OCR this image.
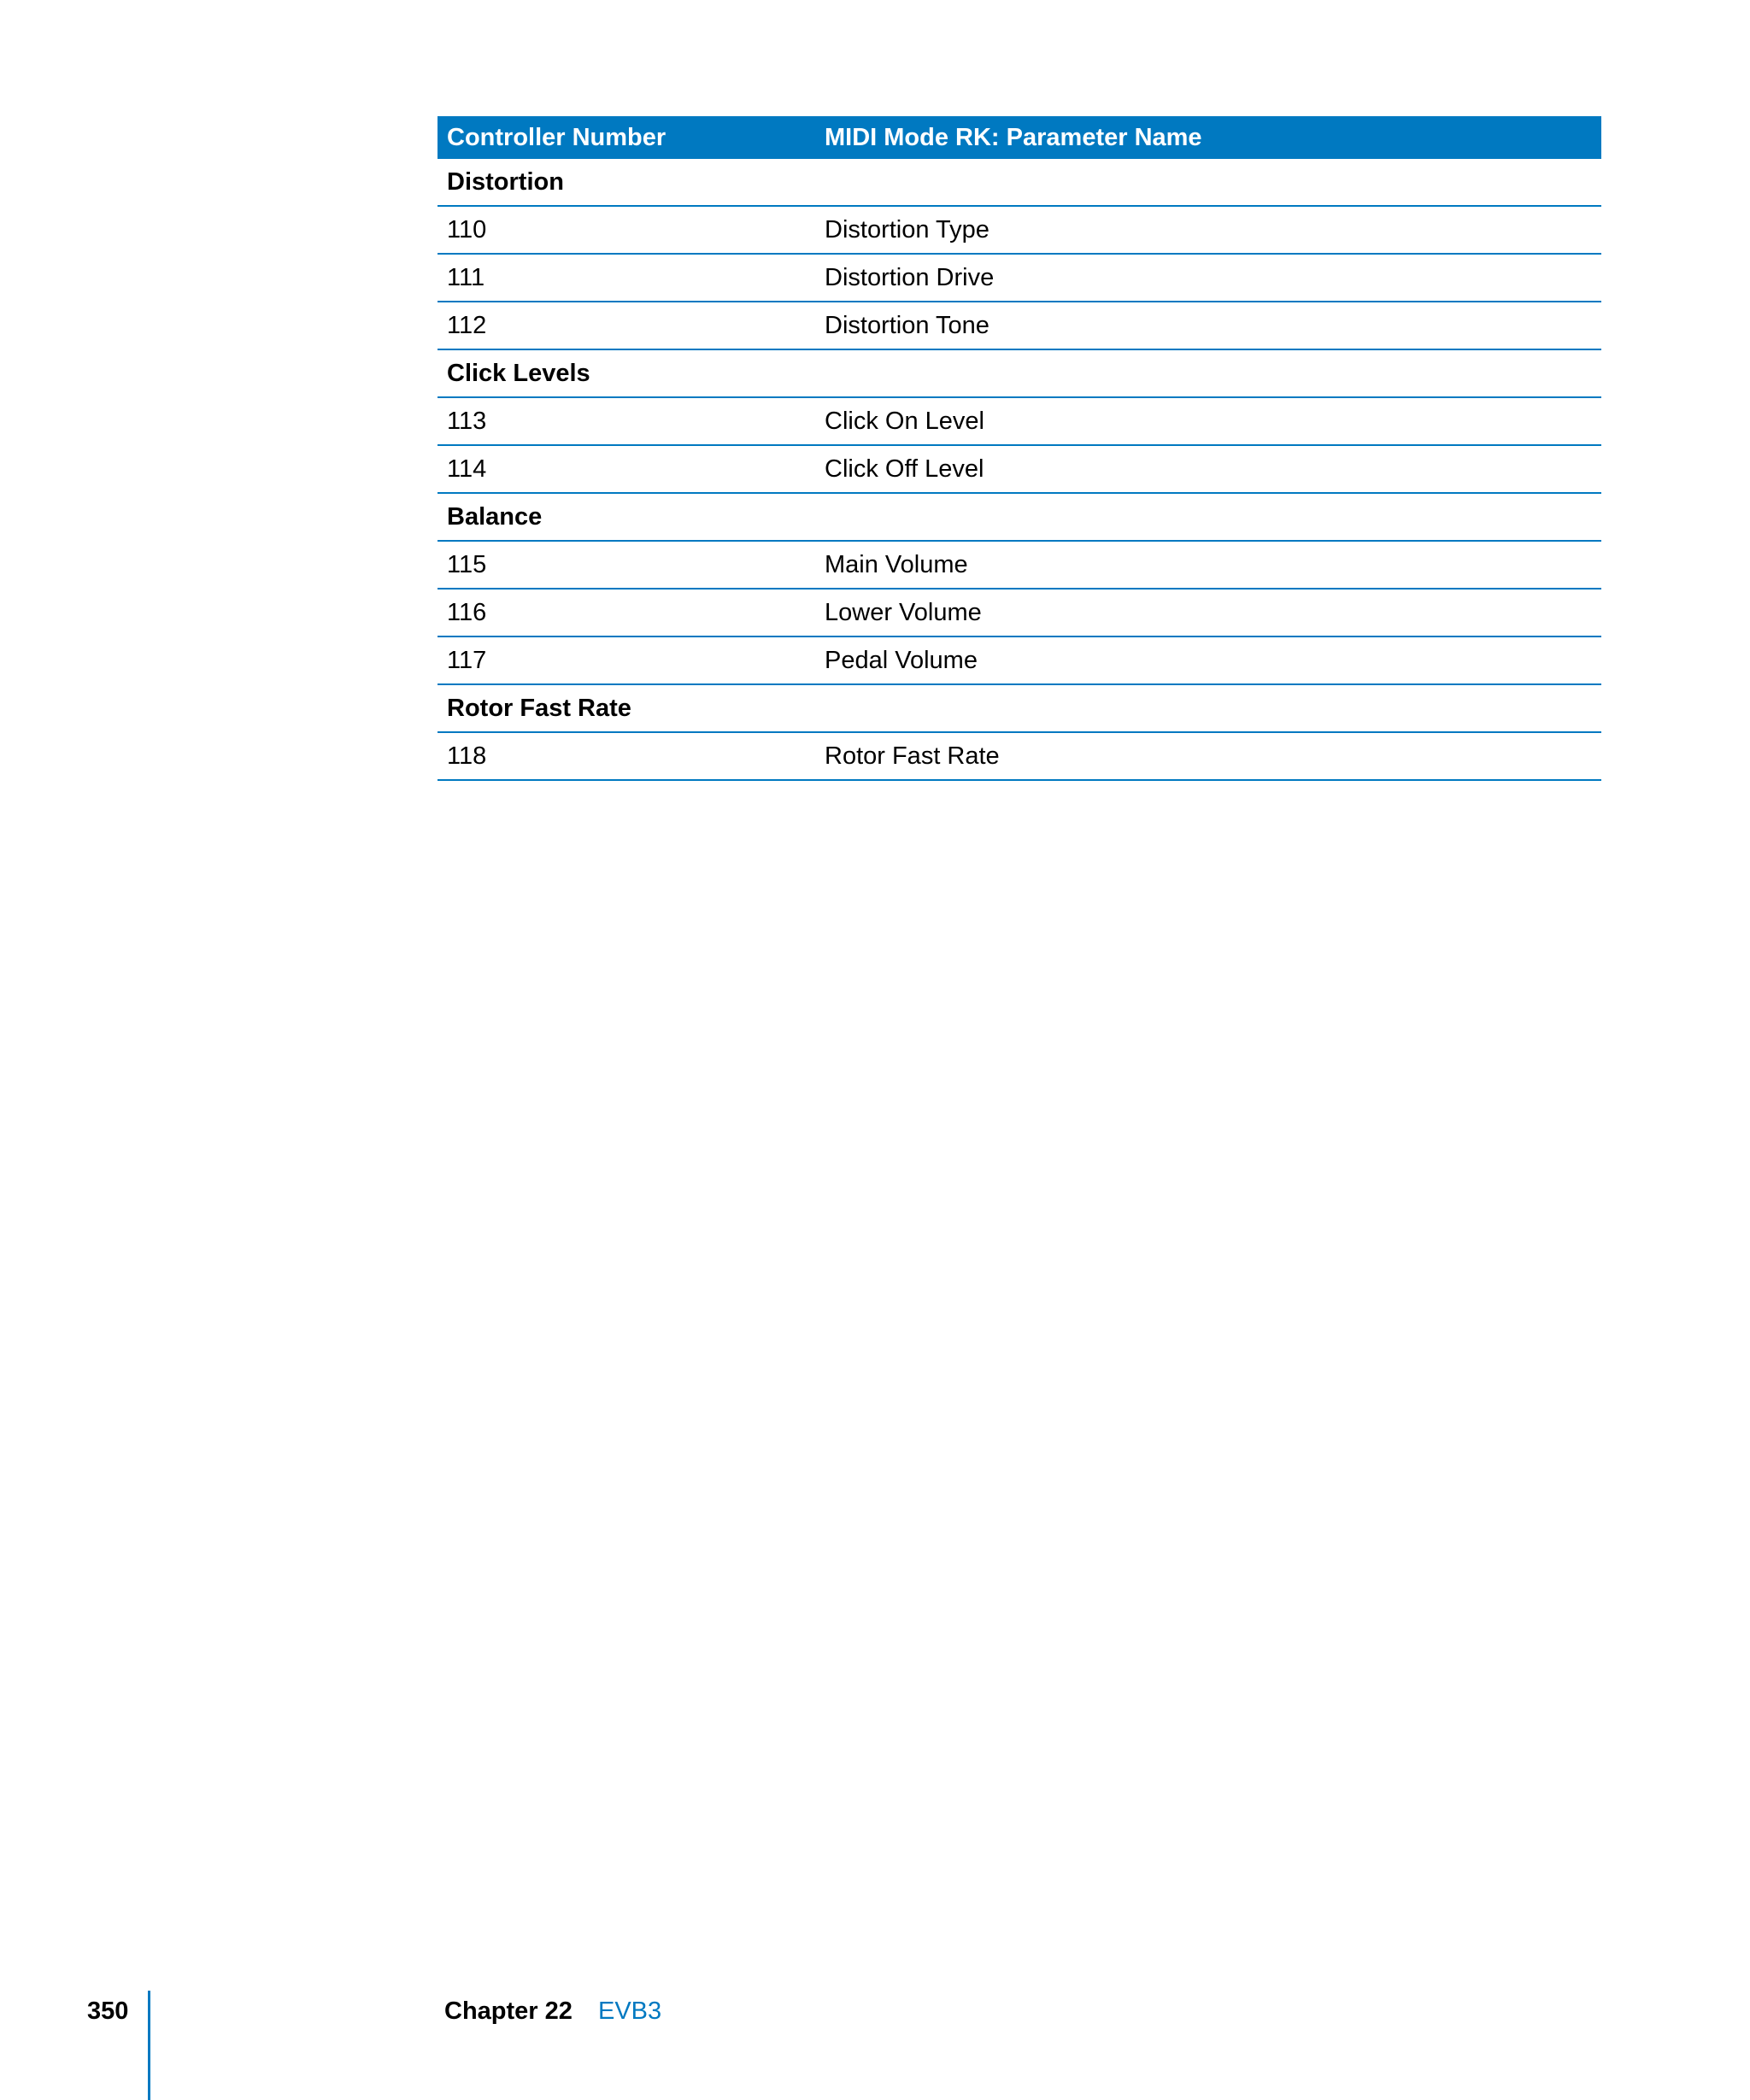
Controller Number	MIDI Mode RK: Parameter Name
Distortion
110	Distortion Type
111	Distortion Drive
112	Distortion Tone
Click Levels
113	Click On Level
114	Click Off Level
Balance
115	Main Volume
116	Lower Volume
117	Pedal Volume
Rotor Fast Rate
118	Rotor Fast Rate
350	Chapter 22 EVB3
